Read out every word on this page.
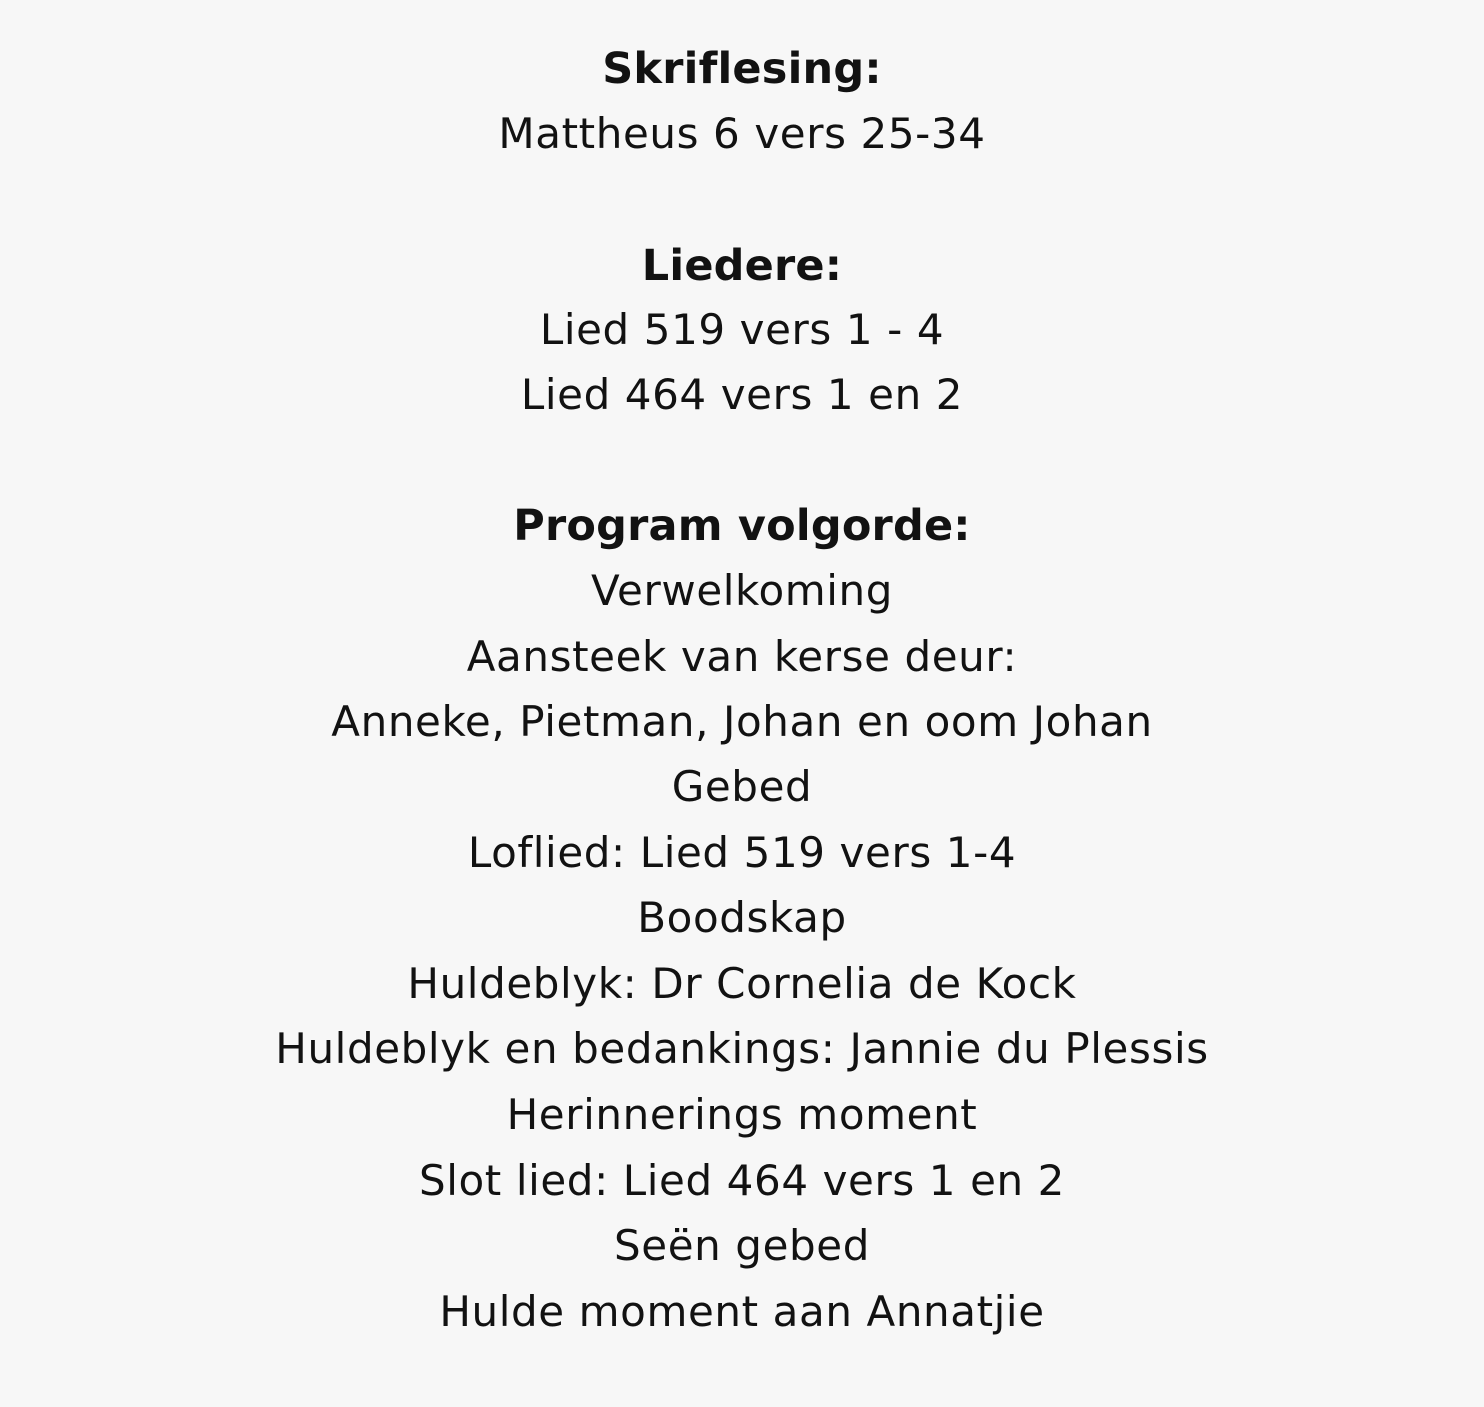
Skriflesing:
Mattheus 6 vers 25-34
Liedere:
Lied 519 vers 1 - 4
Lied 464 vers 1 en 2
Program volgorde:
Verwelkoming
Aansteek van kerse deur:
Anneke, Pietman, Johan en oom Johan
Gebed
Loflied: Lied 519 vers 1-4
Boodskap
Huldeblyk: Dr Cornelia de Kock
Huldeblyk en bedankings: Jannie du Plessis
Herinnerings moment
Slot lied: Lied 464 vers 1 en 2
Seën gebed
Hulde moment aan Annatjie
